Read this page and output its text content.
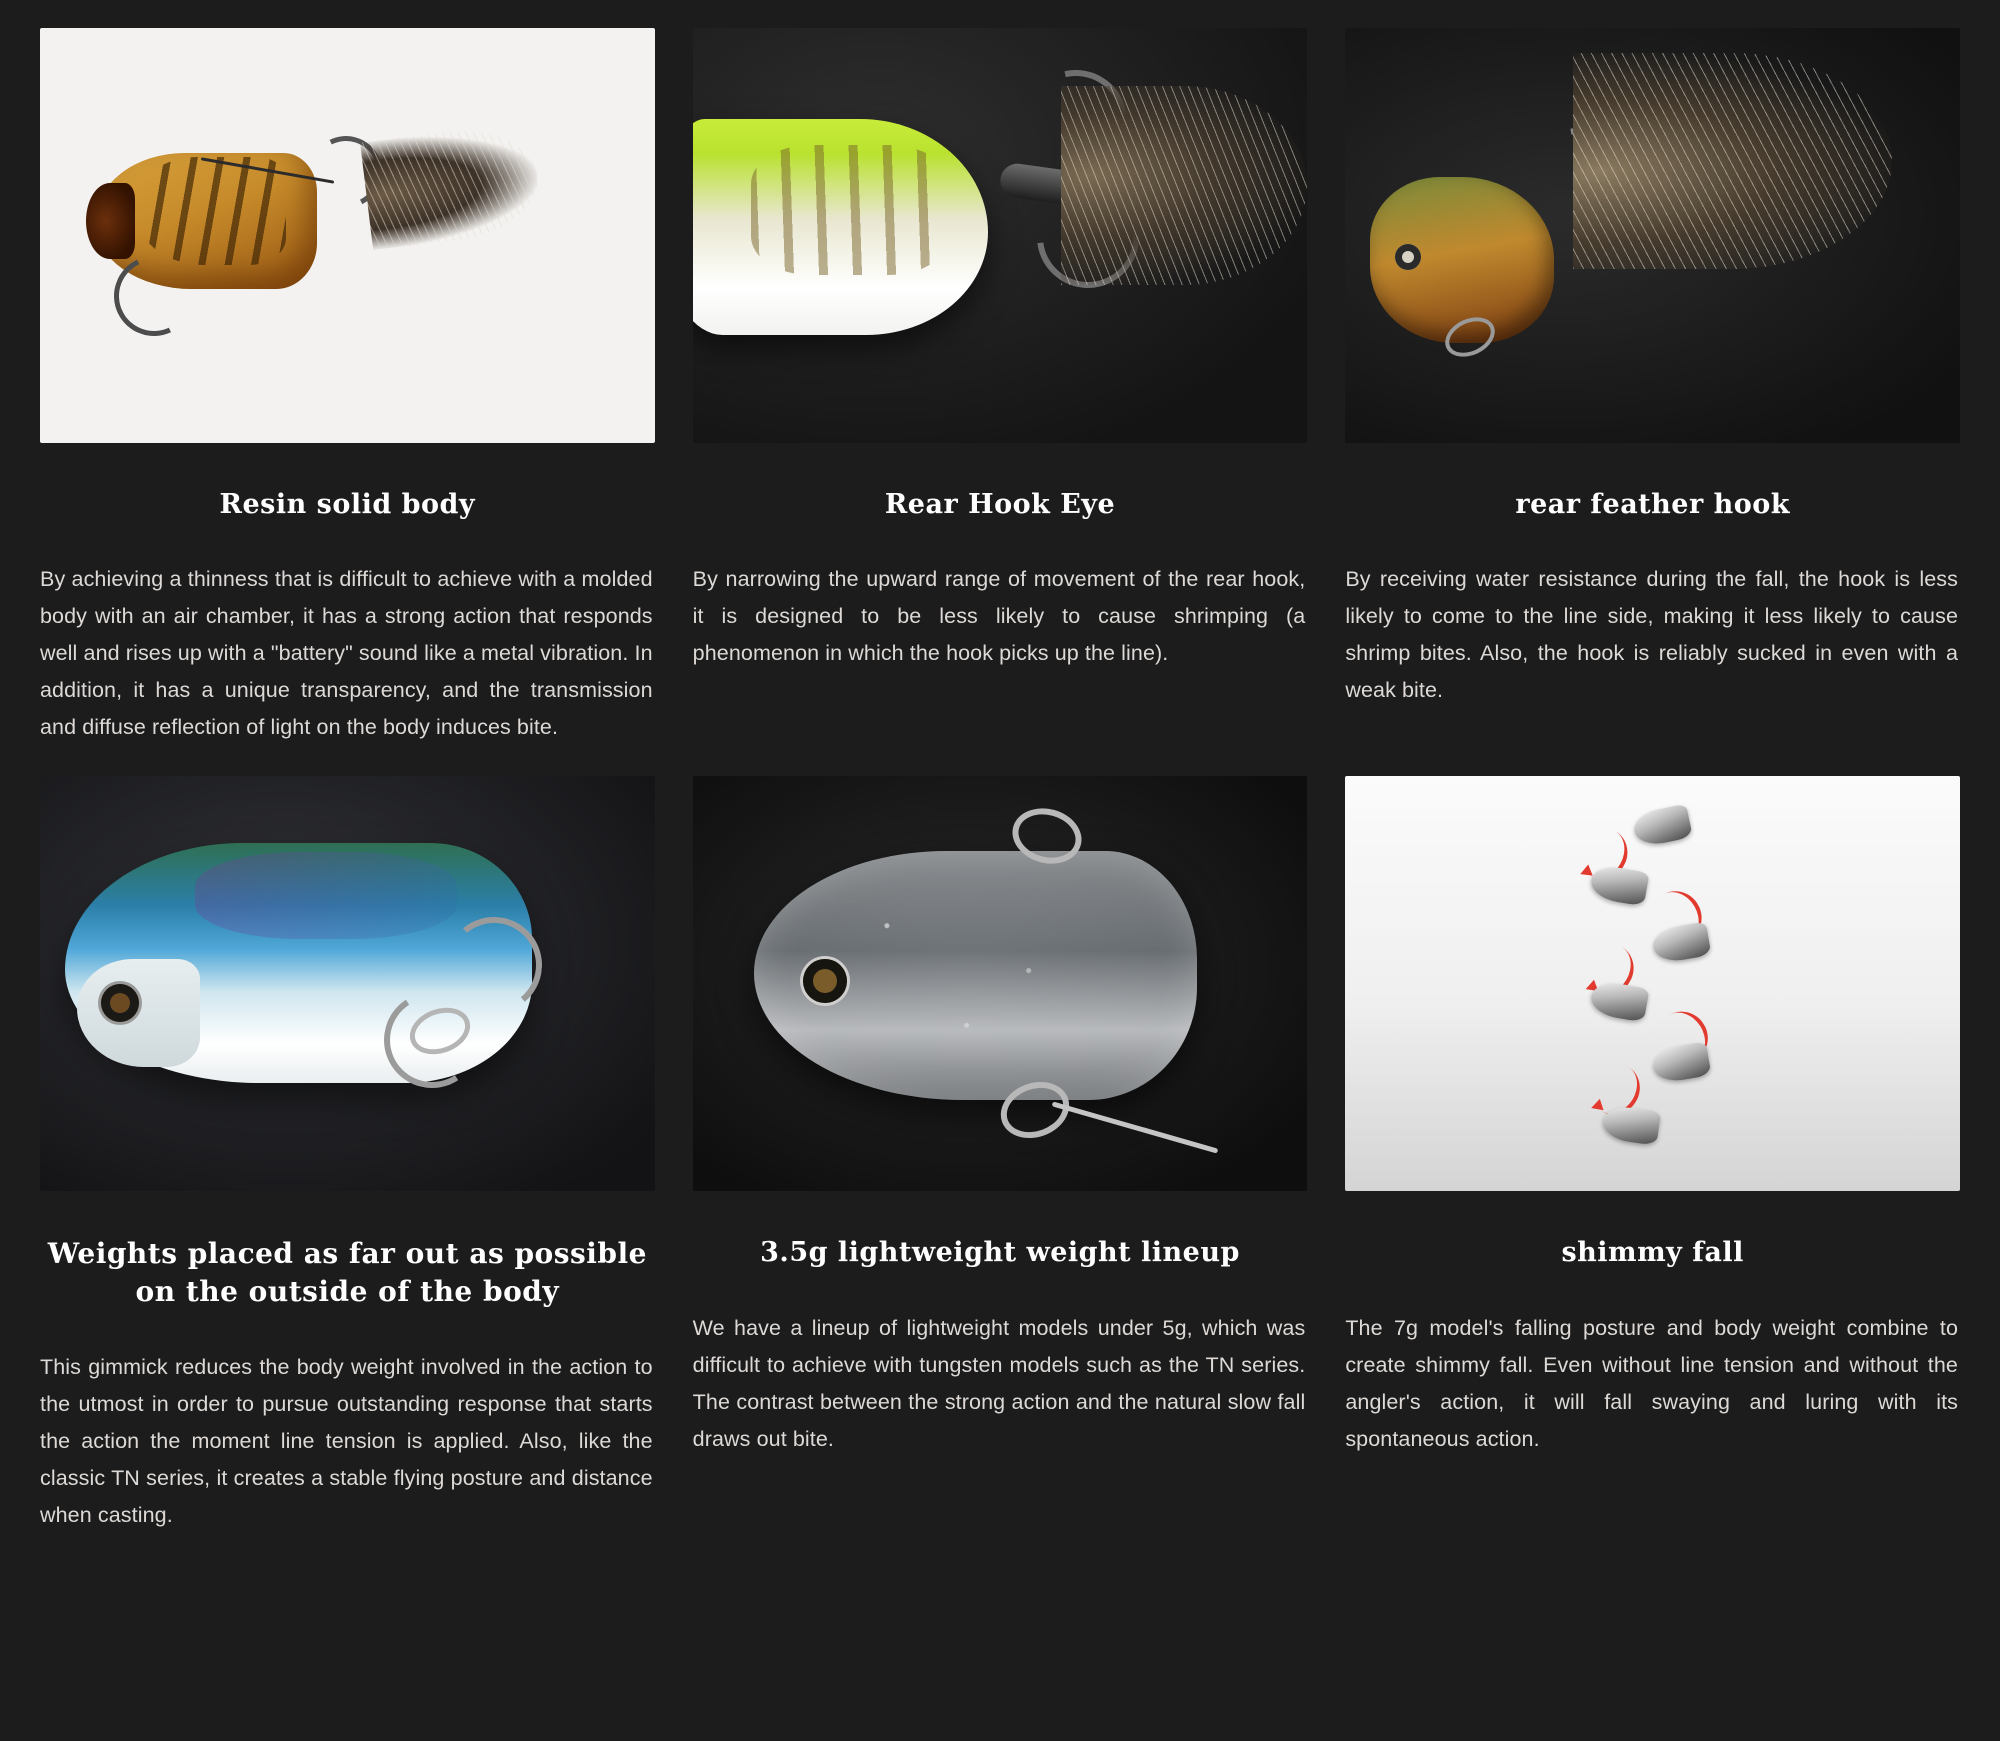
Resin solid body
By achieving a thinness that is difficult to achieve with a molded body with an air chamber, it has a strong action that responds well and rises up with a "battery" sound like a metal vibration. In addition, it has a unique transparency, and the transmission and diffuse reflection of light on the body induces bite.
Rear Hook Eye
By narrowing the upward range of movement of the rear hook, it is designed to be less likely to cause shrimping (a phenomenon in which the hook picks up the line).
rear feather hook
By receiving water resistance during the fall, the hook is less likely to come to the line side, making it less likely to cause shrimp bites. Also, the hook is reliably sucked in even with a weak bite.
Weights placed as far out as possible on the outside of the body
This gimmick reduces the body weight involved in the action to the utmost in order to pursue outstanding response that starts the action the moment line tension is applied. Also, like the classic TN series, it creates a stable flying posture and distance when casting.
3.5g lightweight weight lineup
We have a lineup of lightweight models under 5g, which was difficult to achieve with tungsten models such as the TN series. The contrast between the strong action and the natural slow fall draws out bite.
shimmy fall
The 7g model's falling posture and body weight combine to create shimmy fall. Even without line tension and without the angler's action, it will fall swaying and luring with its spontaneous action.
